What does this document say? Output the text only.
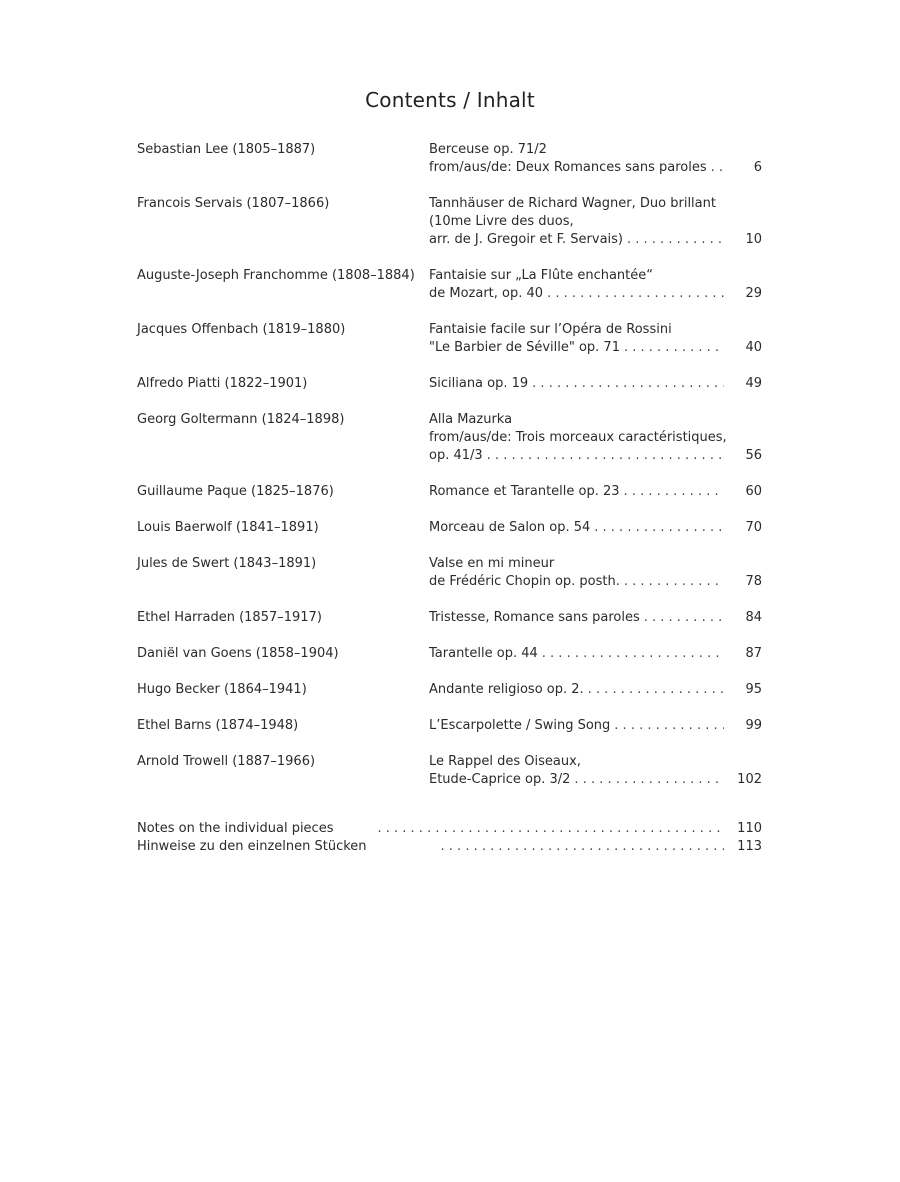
Contents / Inhalt
Sebastian Lee (1805–1887)	Berceuse op. 71/2
from/aus/de: Deux Romances sans paroles . . .	6
Francois Servais (1807–1866)	Tannhäuser de Richard Wagner, Duo brillant
(10me Livre des duos,
arr. de J. Gregoir et F. Servais) . . .	10
Auguste-Joseph Franchomme (1808–1884)	Fantaisie sur „La Flûte enchantée“
de Mozart, op. 40 . . .	29
Jacques Offenbach (1819–1880)	Fantaisie facile sur l’Opéra de Rossini
"Le Barbier de Séville" op. 71 . . .	40
Alfredo Piatti (1822–1901)	Siciliana op. 19 . . .	49
Georg Goltermann (1824–1898)	Alla Mazurka
from/aus/de: Trois morceaux caractéristiques,
op. 41/3 . . .	56
Guillaume Paque (1825–1876)	Romance et Tarantelle op. 23 . . .	60
Louis Baerwolf (1841–1891)	Morceau de Salon op. 54 . . .	70
Jules de Swert (1843–1891)	Valse en mi mineur
de Frédéric Chopin op. posth. . . .	78
Ethel Harraden (1857–1917)	Tristesse, Romance sans paroles . . .	84
Daniël van Goens (1858–1904)	Tarantelle op. 44 . . .	87
Hugo Becker (1864–1941)	Andante religioso op. 2. . . .	95
Ethel Barns (1874–1948)	L’Escarpolette / Swing Song . . .	99
Arnold Trowell (1887–1966)	Le Rappel des Oiseaux,
Etude-Caprice op. 3/2 . . .	102
Notes on the individual pieces . . .	110
Hinweise zu den einzelnen Stücken . . .	113
